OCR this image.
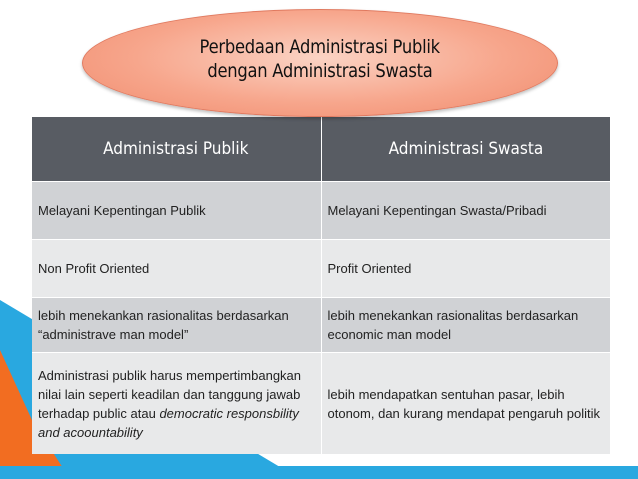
Perbedaan Administrasi Publik
dengan Administrasi Swasta
Administrasi Publik	Administrasi Swasta
Melayani Kepentingan Publik	Melayani Kepentingan Swasta/Pribadi
Non Profit Oriented	Profit Oriented
lebih menekankan rasionalitas berdasarkan “administrave man model”	lebih menekankan rasionalitas berdasarkan economic man model
Administrasi publik harus mempertimbangkan nilai lain seperti keadilan dan tanggung jawab terhadap public atau democratic responsbility and acoountability	lebih mendapatkan sentuhan pasar, lebih otonom, dan kurang mendapat pengaruh politik
